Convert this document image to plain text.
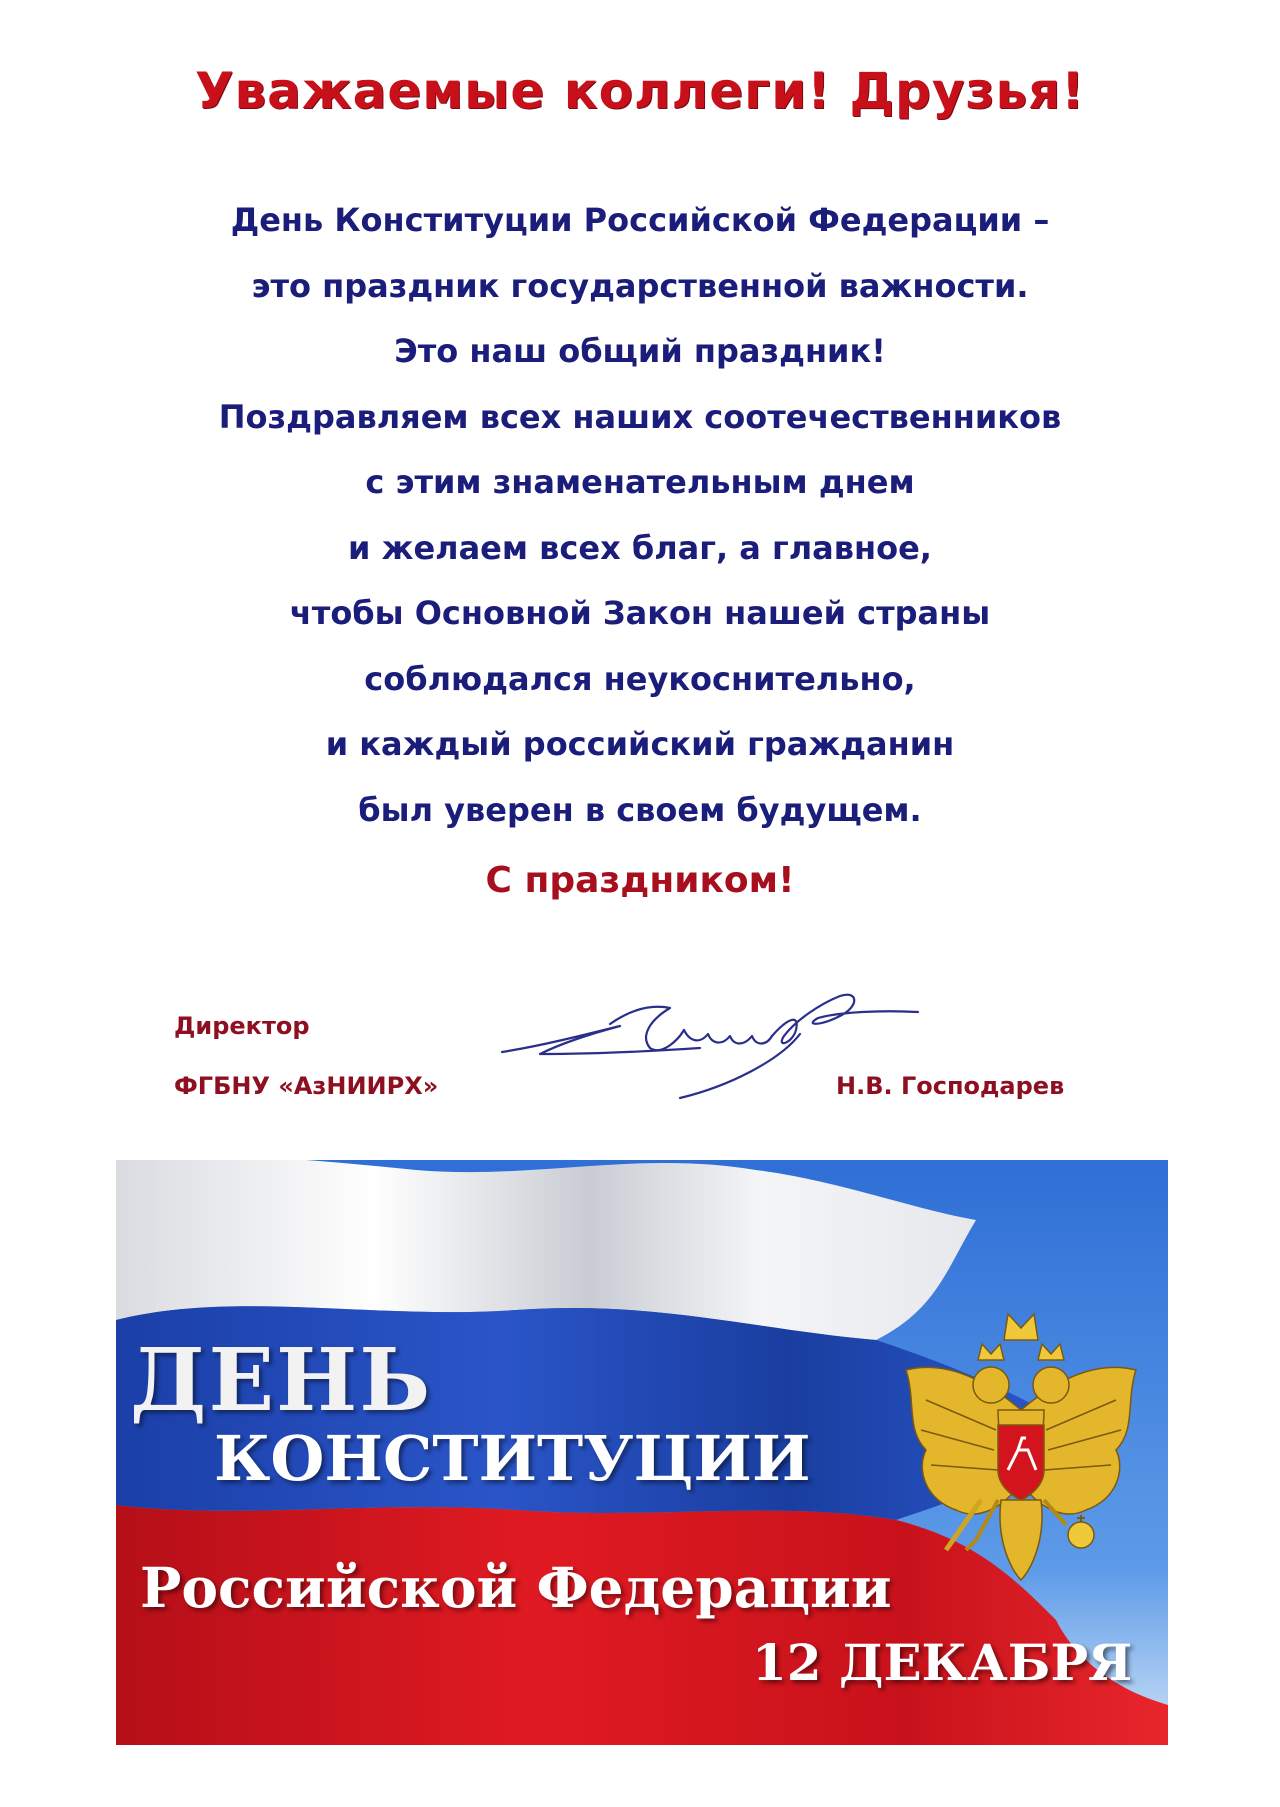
Уважаемые коллеги! Друзья!
День Конституции Российской Федерации –
это праздник государственной важности.
Это наш общий праздник!
Поздравляем всех наших соотечественников
с этим знаменательным днем
и желаем всех благ, а главное,
чтобы Основной Закон нашей страны
соблюдался неукоснительно,
и каждый российский гражданин
был уверен в своем будущем.
С праздником!
Директор
ФГБНУ «АзНИИРХ»	Н.В. Господарев
ДЕНЬ
КОНСТИТУЦИИ
Российской Федерации
12 ДЕКАБРЯ
